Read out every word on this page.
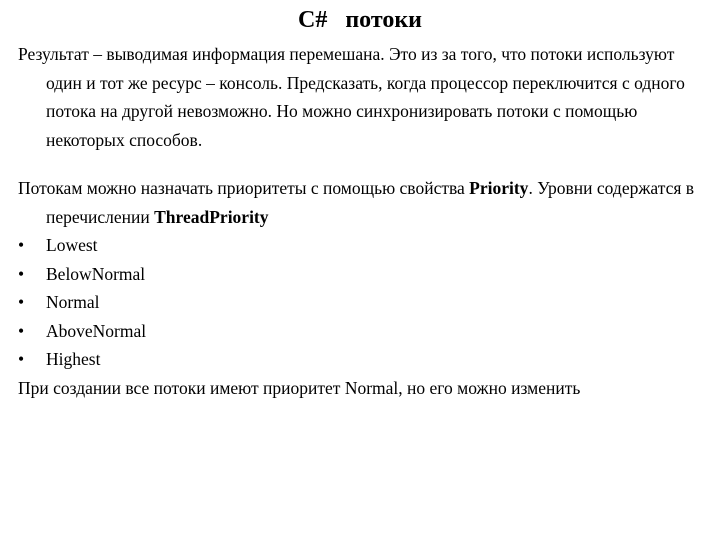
C#   потоки

Результат – выводимая информация перемешана. Это из за того, что потоки используют один и тот же ресурс – консоль. Предсказать, когда процессор переключится с одного потока на другой невозможно. Но можно синхронизировать потоки с помощью некоторых способов.

Потокам можно назначать приоритеты с помощью свойства Priority. Уровни содержатся в перечислении ThreadPriority

•	Lowest
•	BelowNormal
•	Normal
•	AboveNormal
•	Highest

При создании все потоки имеют приоритет Normal, но его можно изменить
